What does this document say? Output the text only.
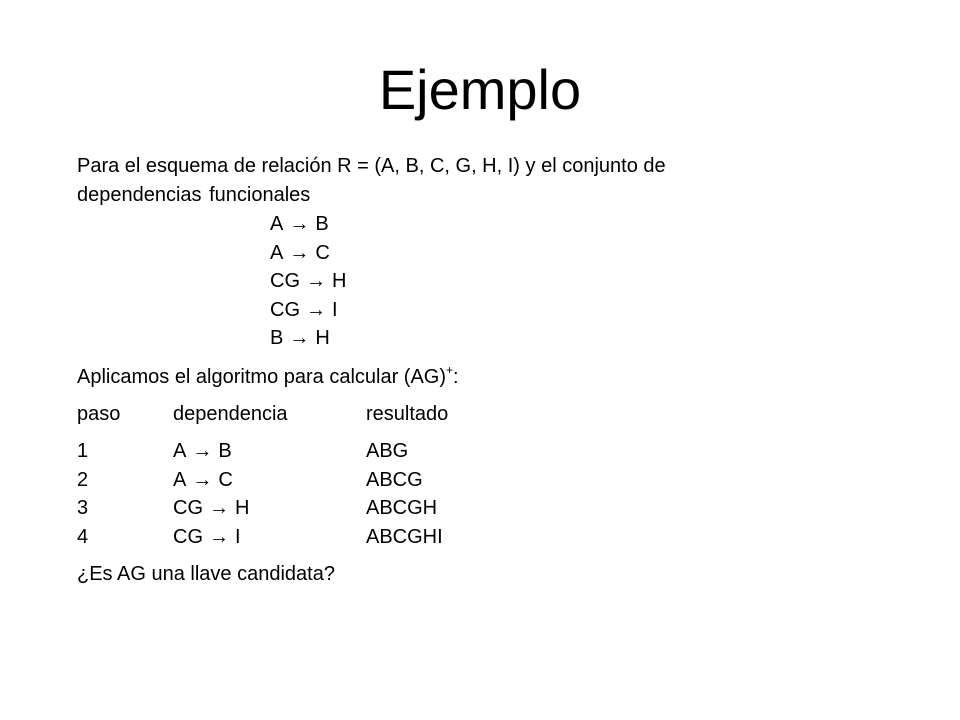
Ejemplo
Para el esquema de relación R = (A, B, C, G, H, I) y el conjunto de
dependencias funcionales
A → B
A → C
CG → H
CG → I
B → H
Aplicamos el algoritmo para calcular (AG)+:
paso	dependencia	resultado
1	A → B	ABG
2	A → C	ABCG
3	CG → H	ABCGH
4	CG → I	ABCGHI
¿Es AG una llave candidata?
